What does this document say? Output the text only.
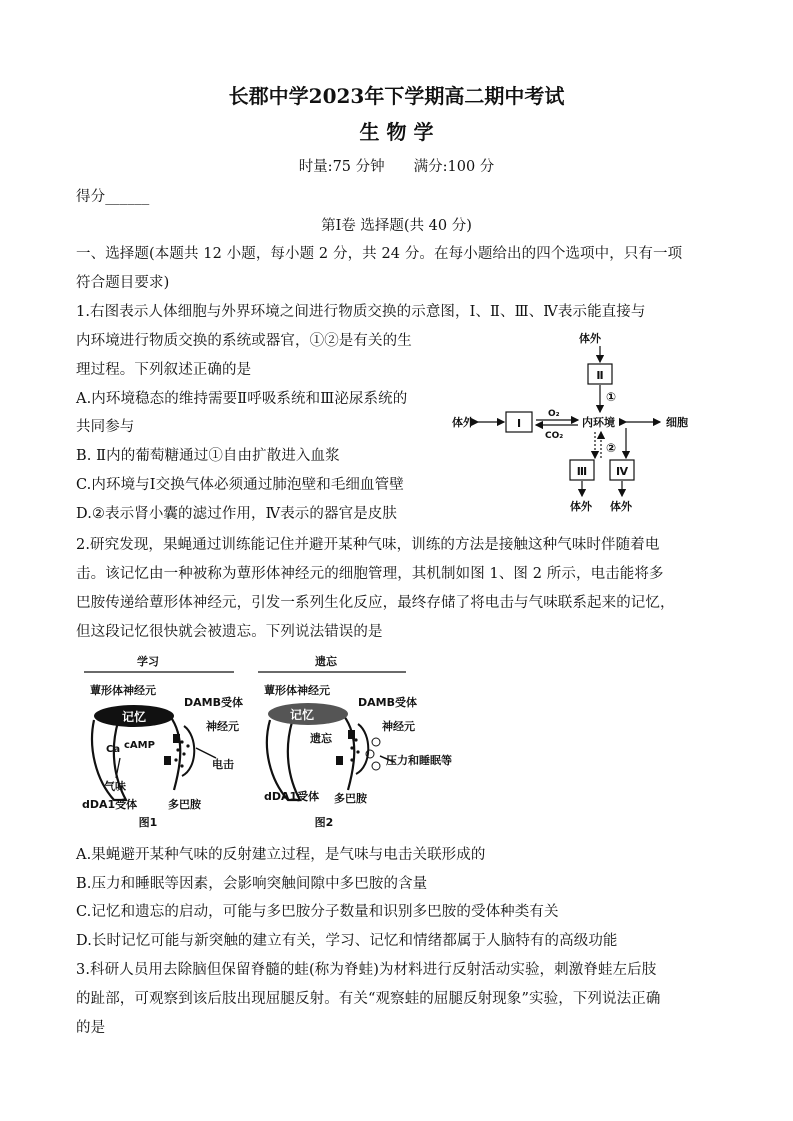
长郡中学2023年下学期高二期中考试
生 物 学
时量:75 分钟　　满分:100 分
得分______
第Ⅰ卷 选择题(共 40 分)
一、选择题(本题共 12 小题，每小题 2 分，共 24 分。在每小题给出的四个选项中，只有一项
符合题目要求)
1.右图表示人体细胞与外界环境之间进行物质交换的示意图，Ⅰ、Ⅱ、Ⅲ、Ⅳ表示能直接与
内环境进行物质交换的系统或器官，①②是有关的生
理过程。下列叙述正确的是
A.内环境稳态的维持需要Ⅱ呼吸系统和Ⅲ泌尿系统的
共同参与
B. Ⅱ内的葡萄糖通过①自由扩散进入血浆
C.内环境与Ⅰ交换气体必须通过肺泡壁和毛细血管壁
D.②表示肾小囊的滤过作用，Ⅳ表示的器官是皮肤
体外
Ⅱ
①
体外	Ⅰ
O₂
CO₂
内环境	细胞
②
Ⅲ	Ⅳ
体外 体外
2.研究发现，果蝇通过训练能记住并避开某种气味，训练的方法是接触这种气味时伴随着电
击。该记忆由一种被称为蕈形体神经元的细胞管理，其机制如图 1、图 2 所示，电击能将多
巴胺传递给蕈形体神经元，引发一系列生化反应，最终存储了将电击与气味联系起来的记忆，
但这段记忆很快就会被遗忘。下列说法错误的是
学习
蕈形体神经元
记忆
DAMB受体
神经元
Ca cAMP
电击
气味
dDA1受体	多巴胺
图1
遗忘
蕈形体神经元
记忆
DAMB受体
神经元
遗忘
压力和睡眠等
dDA1受体 多巴胺
图2
A.果蝇避开某种气味的反射建立过程，是气味与电击关联形成的
B.压力和睡眠等因素，会影响突触间隙中多巴胺的含量
C.记忆和遗忘的启动，可能与多巴胺分子数量和识别多巴胺的受体种类有关
D.长时记忆可能与新突触的建立有关，学习、记忆和情绪都属于人脑特有的高级功能
3.科研人员用去除脑但保留脊髓的蛙(称为脊蛙)为材料进行反射活动实验，刺激脊蛙左后肢
的趾部，可观察到该后肢出现屈腿反射。有关“观察蛙的屈腿反射现象”实验，下列说法正确
的是
